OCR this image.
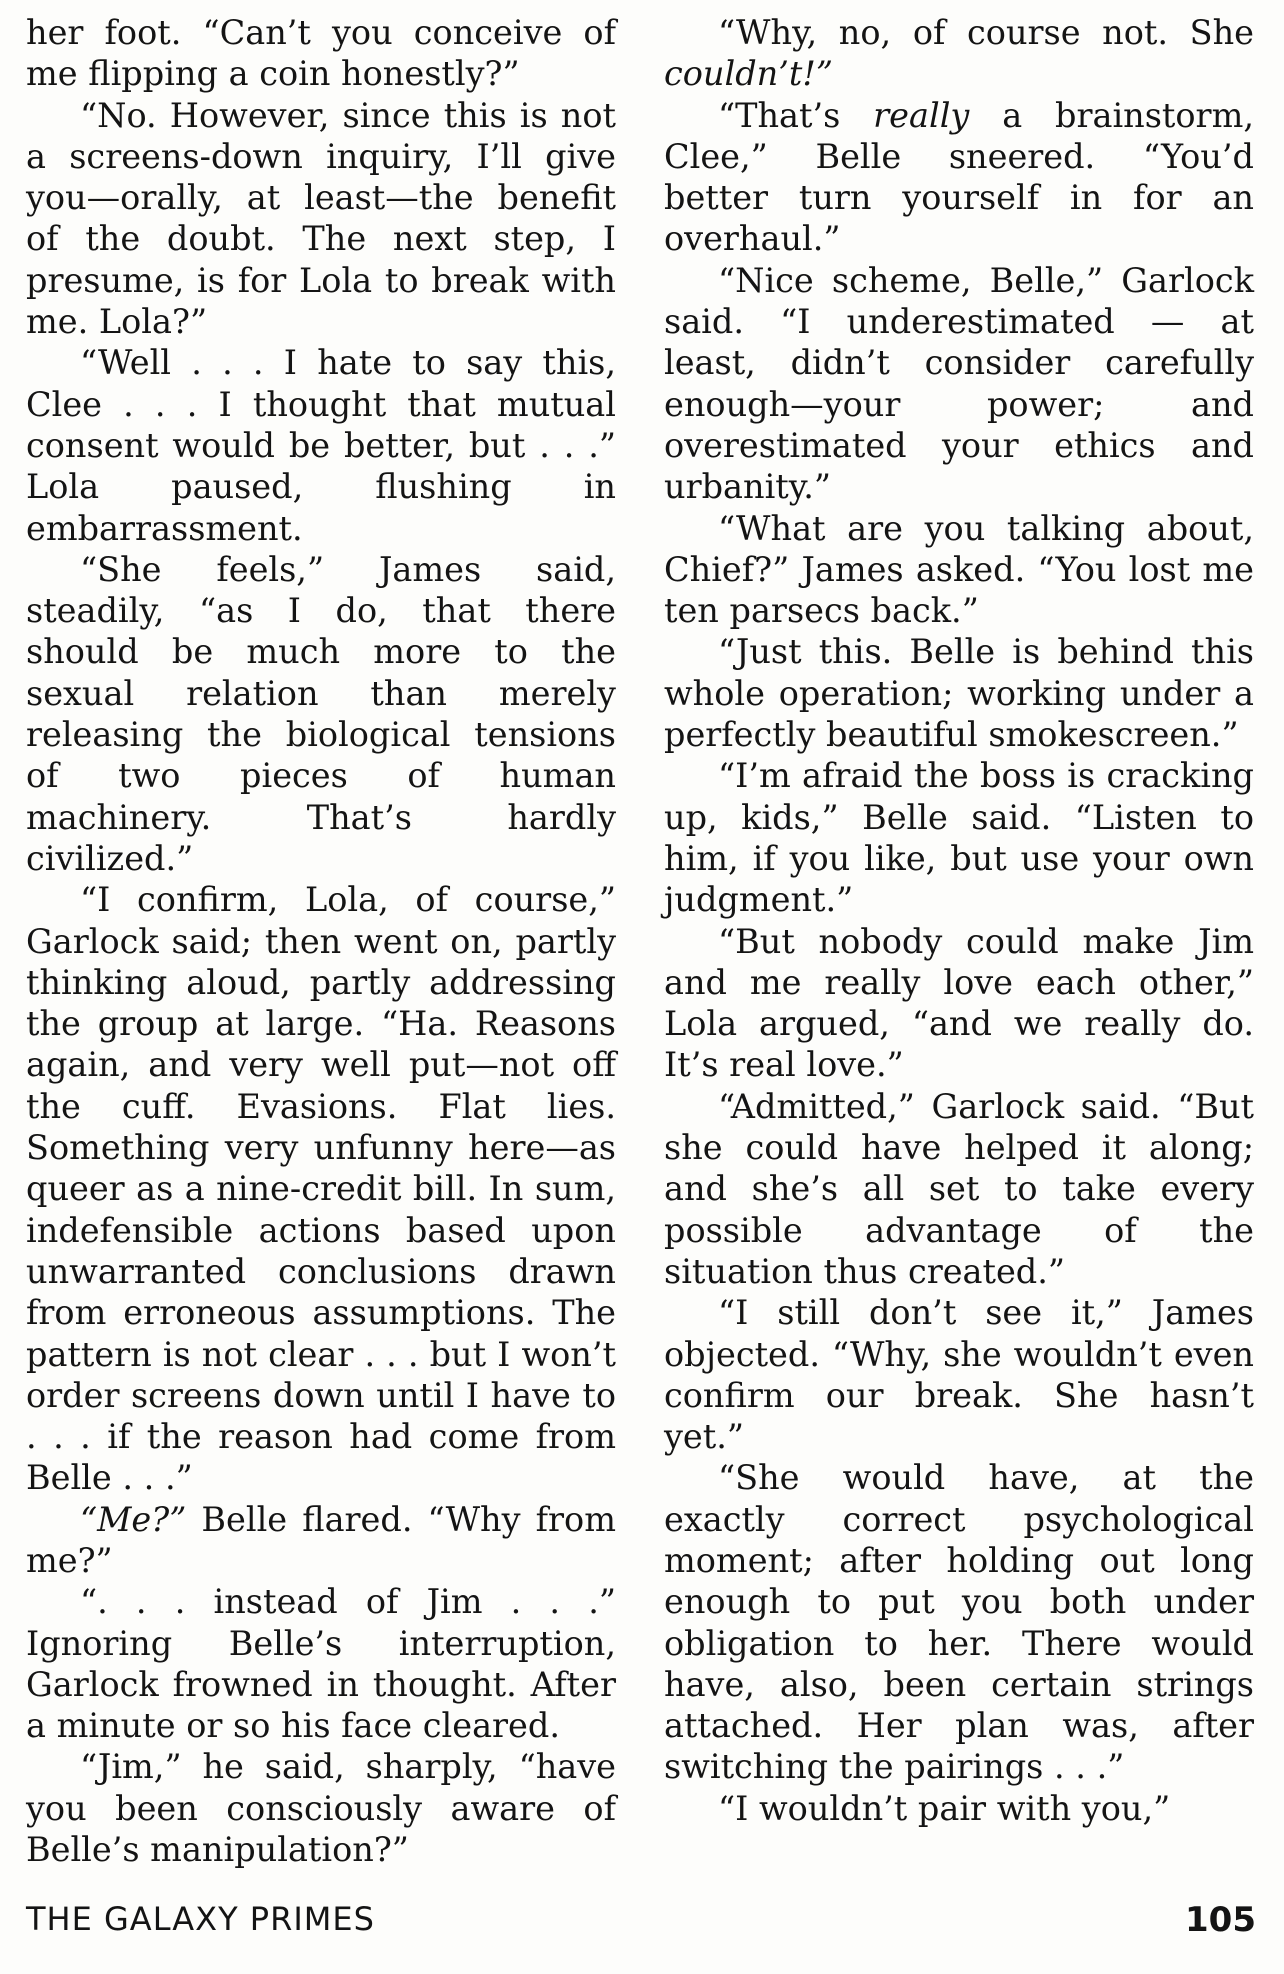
her foot. “Can’t you conceive of me flipping a coin honestly?”

“No. However, since this is not a screens-down inquiry, I’ll give you—orally, at least—the benefit of the doubt. The next step, I presume, is for Lola to break with me. Lola?”

“Well . . . I hate to say this, Clee . . . I thought that mutual consent would be better, but . . .” Lola paused, flushing in embarrassment.

“She feels,” James said, steadily, “as I do, that there should be much more to the sexual relation than merely releasing the biological tensions of two pieces of human machinery. That’s hardly civilized.”

“I confirm, Lola, of course,” Garlock said; then went on, partly thinking aloud, partly addressing the group at large. “Ha. Reasons again, and very well put—not off the cuff. Evasions. Flat lies. Something very unfunny here—as queer as a nine-credit bill. In sum, indefensible actions based upon unwarranted conclusions drawn from erroneous assumptions. The pattern is not clear . . . but I won’t order screens down until I have to . . . if the reason had come from Belle . . .”

“Me?” Belle flared. “Why from me?”

“. . . instead of Jim . . .” Ignoring Belle’s interruption, Garlock frowned in thought. After a minute or so his face cleared.

“Jim,” he said, sharply, “have you been consciously aware of Belle’s manipulation?”

“Why, no, of course not. She couldn’t!”

“That’s really a brainstorm, Clee,” Belle sneered. “You’d better turn yourself in for an overhaul.”

“Nice scheme, Belle,” Garlock said. “I underestimated — at least, didn’t consider carefully enough—your power; and overestimated your ethics and urbanity.”

“What are you talking about, Chief?” James asked. “You lost me ten parsecs back.”

“Just this. Belle is behind this whole operation; working under a perfectly beautiful smokescreen.”

“I’m afraid the boss is cracking up, kids,” Belle said. “Listen to him, if you like, but use your own judgment.”

“But nobody could make Jim and me really love each other,” Lola argued, “and we really do. It’s real love.”

“Admitted,” Garlock said. “But she could have helped it along; and she’s all set to take every possible advantage of the situation thus created.”

“I still don’t see it,” James objected. “Why, she wouldn’t even confirm our break. She hasn’t yet.”

“She would have, at the exactly correct psychological moment; after holding out long enough to put you both under obligation to her. There would have, also, been certain strings attached. Her plan was, after switching the pairings . . .”

“I wouldn’t pair with you,”

THE GALAXY PRIMES	105
